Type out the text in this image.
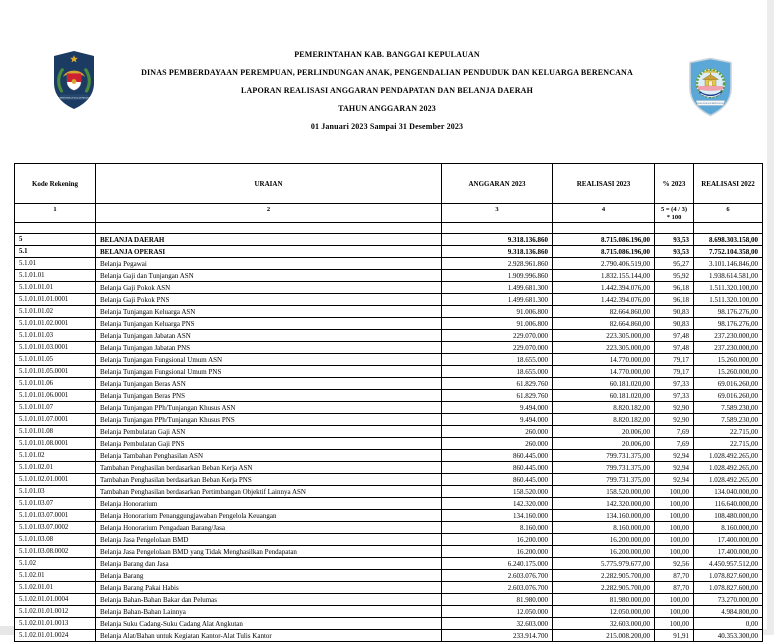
KEMENTERIAN DALAM NEGERI
PEMERINTAHAN KAB. BANGGAI KEPULAUAN
DINAS PEMBERDAYAAN PEREMPUAN, PERLINDUNGAN ANAK, PENGENDALIAN PENDUDUK DAN KELUARGA BERENCANA
LAPORAN REALISASI ANGGARAN PENDAPATAN DAN BELANJA DAERAH
TAHUN ANGGARAN 2023
01 Januari 2023 Sampai 31 Desember 2023
KAB. BANGGAI KEPULAUAN
Kode Rekening	URAIAN	ANGGARAN 2023	REALISASI 2023	% 2023	REALISASI 2022
1	2	3	4	5 = (4 / 3) * 100	6

5	BELANJA DAERAH	9.318.136.860	8.715.086.196,00	93,53	8.698.303.158,00
5.1	BELANJA OPERASI	9.318.136.860	8.715.086.196,00	93,53	7.752.104.358,00
5.1.01	Belanja Pegawai	2.928.961.860	2.790.406.519,00	95,27	3.101.146.846,00
5.1.01.01	Belanja Gaji dan Tunjangan ASN	1.909.996.860	1.832.155.144,00	95,92	1.938.614.581,00
5.1.01.01.01	Belanja Gaji Pokok ASN	1.499.681.300	1.442.394.076,00	96,18	1.511.320.100,00
5.1.01.01.01.0001	Belanja Gaji Pokok PNS	1.499.681.300	1.442.394.076,00	96,18	1.511.320.100,00
5.1.01.01.02	Belanja Tunjangan Keluarga ASN	91.006.800	82.664.860,00	90,83	98.176.276,00
5.1.01.01.02.0001	Belanja Tunjangan Keluarga PNS	91.006.800	82.664.860,00	90,83	98.176.276,00
5.1.01.01.03	Belanja Tunjangan Jabatan ASN	229.070.000	223.305.000,00	97,48	237.230.000,00
5.1.01.01.03.0001	Belanja Tunjangan Jabatan PNS	229.070.000	223.305.000,00	97,48	237.230.000,00
5.1.01.01.05	Belanja Tunjangan Fungsional Umum ASN	18.655.000	14.770.000,00	79,17	15.260.000,00
5.1.01.01.05.0001	Belanja Tunjangan Fungsional Umum PNS	18.655.000	14.770.000,00	79,17	15.260.000,00
5.1.01.01.06	Belanja Tunjangan Beras ASN	61.829.760	60.181.020,00	97,33	69.016.260,00
5.1.01.01.06.0001	Belanja Tunjangan Beras PNS	61.829.760	60.181.020,00	97,33	69.016.260,00
5.1.01.01.07	Belanja Tunjangan PPh/Tunjangan Khusus ASN	9.494.000	8.820.182,00	92,90	7.589.230,00
5.1.01.01.07.0001	Belanja Tunjangan PPh/Tunjangan Khusus PNS	9.494.000	8.820.182,00	92,90	7.589.230,00
5.1.01.01.08	Belanja Pembulatan Gaji ASN	260.000	20.006,00	7,69	22.715,00
5.1.01.01.08.0001	Belanja Pembulatan Gaji PNS	260.000	20.006,00	7,69	22.715,00
5.1.01.02	Belanja Tambahan Penghasilan ASN	860.445.000	799.731.375,00	92,94	1.028.492.265,00
5.1.01.02.01	Tambahan Penghasilan berdasarkan Beban Kerja ASN	860.445.000	799.731.375,00	92,94	1.028.492.265,00
5.1.01.02.01.0001	Tambahan Penghasilan berdasarkan Beban Kerja PNS	860.445.000	799.731.375,00	92,94	1.028.492.265,00
5.1.01.03	Tambahan Penghasilan berdasarkan Pertimbangan Objektif Lainnya ASN	158.520.000	158.520.000,00	100,00	134.040.000,00
5.1.01.03.07	Belanja Honorarium	142.320.000	142.320.000,00	100,00	116.640.000,00
5.1.01.03.07.0001	Belanja Honorarium Penanggungjawaban Pengelola Keuangan	134.160.000	134.160.000,00	100,00	108.480.000,00
5.1.01.03.07.0002	Belanja Honorarium Pengadaan Barang/Jasa	8.160.000	8.160.000,00	100,00	8.160.000,00
5.1.01.03.08	Belanja Jasa Pengelolaan BMD	16.200.000	16.200.000,00	100,00	17.400.000,00
5.1.01.03.08.0002	Belanja Jasa Pengelolaan BMD yang Tidak Menghasilkan Pendapatan	16.200.000	16.200.000,00	100,00	17.400.000,00
5.1.02	Belanja Barang dan Jasa	6.240.175.000	5.775.979.677,00	92,56	4.450.957.512,00
5.1.02.01	Belanja Barang	2.603.076.700	2.282.905.700,00	87,70	1.078.827.600,00
5.1.02.01.01	Belanja Barang Pakai Habis	2.603.076.700	2.282.905.700,00	87,70	1.078.827.600,00
5.1.02.01.01.0004	Belanja Bahan-Bahan Bakar dan Pelumas	81.980.000	81.980.000,00	100,00	73.270.000,00
5.1.02.01.01.0012	Belanja Bahan-Bahan Lainnya	12.050.000	12.050.000,00	100,00	4.984.800,00
5.1.02.01.01.0013	Belanja Suku Cadang-Suku Cadang Alat Angkutan	32.603.000	32.603.000,00	100,00	0,00
5.1.02.01.01.0024	Belanja Alat/Bahan untuk Kegiatan Kantor-Alat Tulis Kantor	233.914.700	215.008.200,00	91,91	40.353.300,00
